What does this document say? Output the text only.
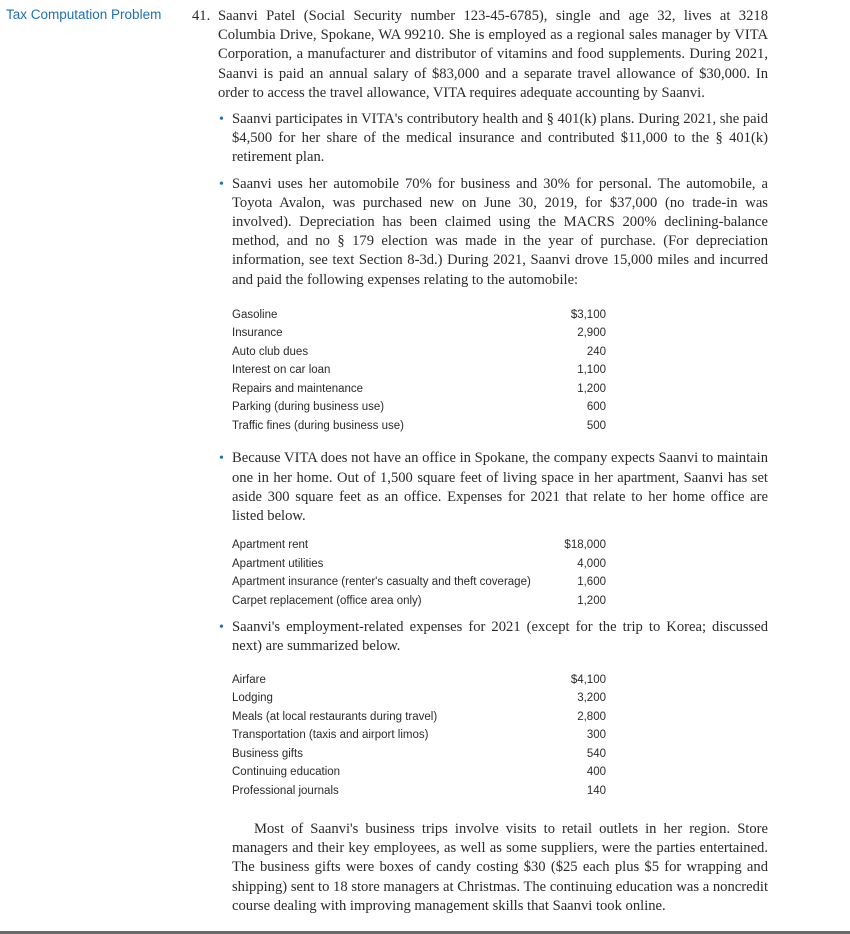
Tax Computation Problem 41. Saanvi Patel (Social Security number 123-45-6785), single and age 32, lives at 3218 Columbia Drive, Spokane, WA 99210. She is employed as a regional sales manager by VITA Corporation, a manufacturer and distributor of vitamins and food supplements. During 2021, Saanvi is paid an annual salary of $83,000 and a separate travel allowance of $30,000. In order to access the travel allowance, VITA requires adequate accounting by Saanvi.

• Saanvi participates in VITA's contributory health and § 401(k) plans. During 2021, she paid $4,500 for her share of the medical insurance and contributed $11,000 to the § 401(k) retirement plan.
• Saanvi uses her automobile 70% for business and 30% for personal. The automobile, a Toyota Avalon, was purchased new on June 30, 2019, for $37,000 (no trade-in was involved). Depreciation has been claimed using the MACRS 200% declining-balance method, and no § 179 election was made in the year of purchase. (For depreciation information, see text Section 8-3d.) During 2021, Saanvi drove 15,000 miles and incurred and paid the following expenses relating to the automobile:
Gasoline	$3,100
Insurance	2,900
Auto club dues	240
Interest on car loan	1,100
Repairs and maintenance	1,200
Parking (during business use)	600
Traffic fines (during business use)	500
• Because VITA does not have an office in Spokane, the company expects Saanvi to maintain one in her home. Out of 1,500 square feet of living space in her apartment, Saanvi has set aside 300 square feet as an office. Expenses for 2021 that relate to her home office are listed below.
Apartment rent	$18,000
Apartment utilities	4,000
Apartment insurance (renter's casualty and theft coverage)	1,600
Carpet replacement (office area only)	1,200
• Saanvi's employment-related expenses for 2021 (except for the trip to Korea; discussed next) are summarized below.
Airfare	$4,100
Lodging	3,200
Meals (at local restaurants during travel)	2,800
Transportation (taxis and airport limos)	300
Business gifts	540
Continuing education	400
Professional journals	140

Most of Saanvi's business trips involve visits to retail outlets in her region. Store managers and their key employees, as well as some suppliers, were the parties entertained. The business gifts were boxes of candy costing $30 ($25 each plus $5 for wrapping and shipping) sent to 18 store managers at Christmas. The continuing education was a noncredit course dealing with improving management skills that Saanvi took online.
